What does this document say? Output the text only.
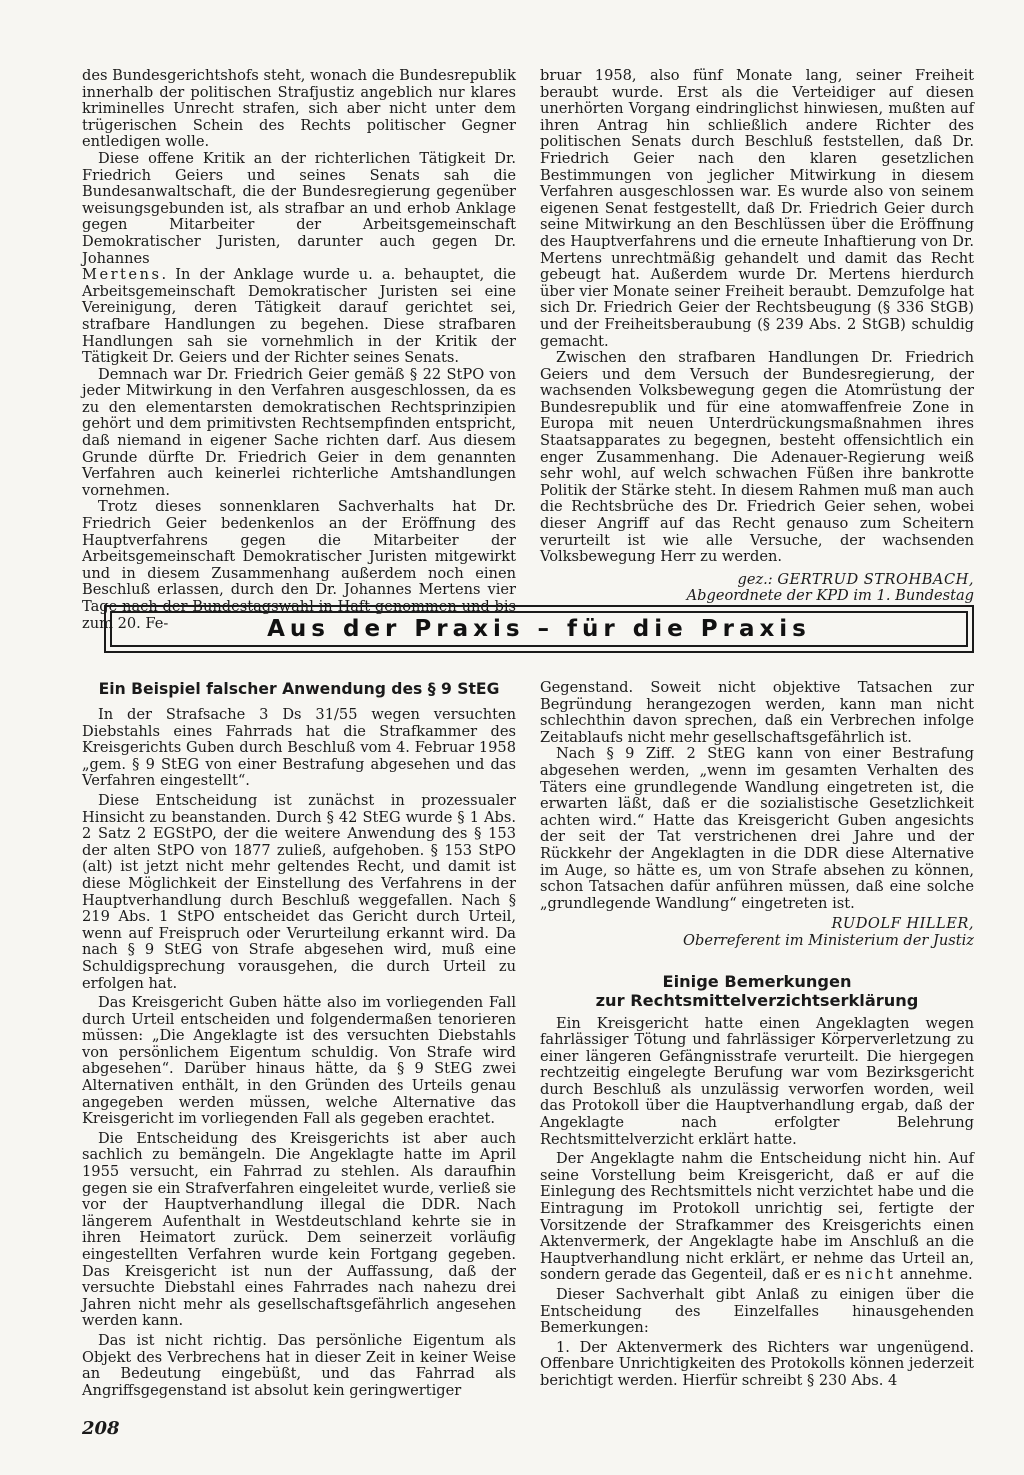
des Bundesgerichtshofs steht, wonach die Bundesrepublik innerhalb der politischen Strafjustiz angeblich nur klares kriminelles Unrecht strafen, sich aber nicht unter dem trügerischen Schein des Rechts politischer Gegner entledigen wolle.

Diese offene Kritik an der richterlichen Tätigkeit Dr. Friedrich Geiers und seines Senats sah die Bundesanwaltschaft, die der Bundesregierung gegenüber weisungsgebunden ist, als strafbar an und erhob Anklage gegen Mitarbeiter der Arbeitsgemeinschaft Demokratischer Juristen, darunter auch gegen Dr. Johannes

Mertens. In der Anklage wurde u. a. behauptet, die Arbeitsgemeinschaft Demokratischer Juristen sei eine Vereinigung, deren Tätigkeit darauf gerichtet sei, strafbare Handlungen zu begehen. Diese strafbaren Handlungen sah sie vornehmlich in der Kritik der Tätigkeit Dr. Geiers und der Richter seines Senats.

Demnach war Dr. Friedrich Geier gemäß § 22 StPO von jeder Mitwirkung in den Verfahren ausgeschlossen, da es zu den elementarsten demokratischen Rechtsprinzipien gehört und dem primitivsten Rechtsempfinden entspricht, daß niemand in eigener Sache richten darf. Aus diesem Grunde dürfte Dr. Friedrich Geier in dem genannten Verfahren auch keinerlei richterliche Amtshandlungen vornehmen.

Trotz dieses sonnenklaren Sachverhalts hat Dr. Friedrich Geier bedenkenlos an der Eröffnung des Hauptverfahrens gegen die Mitarbeiter der Arbeitsgemeinschaft Demokratischer Juristen mitgewirkt und in diesem Zusammenhang außerdem noch einen Beschluß erlassen, durch den Dr. Johannes Mertens vier Tage nach der Bundestagswahl in Haft genommen und bis zum 20. Fe-

bruar 1958, also fünf Monate lang, seiner Freiheit beraubt wurde. Erst als die Verteidiger auf diesen unerhörten Vorgang eindringlichst hinwiesen, mußten auf ihren Antrag hin schließlich andere Richter des politischen Senats durch Beschluß feststellen, daß Dr. Friedrich Geier nach den klaren gesetzlichen Bestimmungen von jeglicher Mitwirkung in diesem Verfahren ausgeschlossen war. Es wurde also von seinem eigenen Senat festgestellt, daß Dr. Friedrich Geier durch seine Mitwirkung an den Beschlüssen über die Eröffnung des Hauptverfahrens und die erneute Inhaftierung von Dr. Mertens unrechtmäßig gehandelt und damit das Recht gebeugt hat. Außerdem wurde Dr. Mertens hierdurch über vier Monate seiner Freiheit beraubt. Demzufolge hat sich Dr. Friedrich Geier der Rechtsbeugung (§ 336 StGB) und der Freiheitsberaubung (§ 239 Abs. 2 StGB) schuldig gemacht.

Zwischen den strafbaren Handlungen Dr. Friedrich Geiers und dem Versuch der Bundesregierung, der wachsenden Volksbewegung gegen die Atomrüstung der Bundesrepublik und für eine atomwaffenfreie Zone in Europa mit neuen Unterdrückungsmaßnahmen ihres Staatsapparates zu begegnen, besteht offensichtlich ein enger Zusammenhang. Die Adenauer-Regierung weiß sehr wohl, auf welch schwachen Füßen ihre bankrotte Politik der Stärke steht. In diesem Rahmen muß man auch die Rechtsbrüche des Dr. Friedrich Geier sehen, wobei dieser Angriff auf das Recht genauso zum Scheitern verurteilt ist wie alle Versuche, der wachsenden Volksbewegung Herr zu werden.

gez.: GERTRUD STROHBACH,

Abgeordnete der KPD im 1. Bundestag

Aus der Praxis – für die Praxis
Ein Beispiel falscher Anwendung des § 9 StEG

In der Strafsache 3 Ds 31/55 wegen versuchten Diebstahls eines Fahrrads hat die Strafkammer des Kreisgerichts Guben durch Beschluß vom 4. Februar 1958 „gem. § 9 StEG von einer Bestrafung abgesehen und das Verfahren eingestellt“.

Diese Entscheidung ist zunächst in prozessualer Hinsicht zu beanstanden. Durch § 42 StEG wurde § 1 Abs. 2 Satz 2 EGStPO, der die weitere Anwendung des § 153 der alten StPO von 1877 zuließ, aufgehoben. § 153 StPO (alt) ist jetzt nicht mehr geltendes Recht, und damit ist diese Möglichkeit der Einstellung des Verfahrens in der Hauptverhandlung durch Beschluß weggefallen. Nach § 219 Abs. 1 StPO entscheidet das Gericht durch Urteil, wenn auf Freispruch oder Verurteilung erkannt wird. Da nach § 9 StEG von Strafe abgesehen wird, muß eine Schuldigsprechung vorausgehen, die durch Urteil zu erfolgen hat.

Das Kreisgericht Guben hätte also im vorliegenden Fall durch Urteil entscheiden und folgendermaßen tenorieren müssen: „Die Angeklagte ist des versuchten Diebstahls von persönlichem Eigentum schuldig. Von Strafe wird abgesehen“. Darüber hinaus hätte, da § 9 StEG zwei Alternativen enthält, in den Gründen des Urteils genau angegeben werden müssen, welche Alternative das Kreisgericht im vorliegenden Fall als gegeben erachtet.

Die Entscheidung des Kreisgerichts ist aber auch sachlich zu bemängeln. Die Angeklagte hatte im April 1955 versucht, ein Fahrrad zu stehlen. Als daraufhin gegen sie ein Strafverfahren eingeleitet wurde, verließ sie vor der Hauptverhandlung illegal die DDR. Nach längerem Aufenthalt in Westdeutschland kehrte sie in ihren Heimatort zurück. Dem seinerzeit vorläufig eingestellten Verfahren wurde kein Fortgang gegeben. Das Kreisgericht ist nun der Auffassung, daß der versuchte Diebstahl eines Fahrrades nach nahezu drei Jahren nicht mehr als gesellschaftsgefährlich angesehen werden kann.

Das ist nicht richtig. Das persönliche Eigentum als Objekt des Verbrechens hat in dieser Zeit in keiner Weise an Bedeutung eingebüßt, und das Fahrrad als Angriffsgegenstand ist absolut kein geringwertiger

Gegenstand. Soweit nicht objektive Tatsachen zur Begründung herangezogen werden, kann man nicht schlechthin davon sprechen, daß ein Verbrechen infolge Zeitablaufs nicht mehr gesellschaftsgefährlich ist.

Nach § 9 Ziff. 2 StEG kann von einer Bestrafung abgesehen werden, „wenn im gesamten Verhalten des Täters eine grundlegende Wandlung eingetreten ist, die erwarten läßt, daß er die sozialistische Gesetzlichkeit achten wird.“ Hatte das Kreisgericht Guben angesichts der seit der Tat verstrichenen drei Jahre und der Rückkehr der Angeklagten in die DDR diese Alternative im Auge, so hätte es, um von Strafe absehen zu können, schon Tatsachen dafür anführen müssen, daß eine solche „grundlegende Wandlung“ eingetreten ist.

RUDOLF HILLER,

Oberreferent im Ministerium der Justiz

Einige Bemerkungen
zur Rechtsmittelverzichtserklärung

Ein Kreisgericht hatte einen Angeklagten wegen fahrlässiger Tötung und fahrlässiger Körperverletzung zu einer längeren Gefängnisstrafe verurteilt. Die hiergegen rechtzeitig eingelegte Berufung war vom Bezirksgericht durch Beschluß als unzulässig verworfen worden, weil das Protokoll über die Hauptverhandlung ergab, daß der Angeklagte nach erfolgter Belehrung Rechtsmittelverzicht erklärt hatte.

Der Angeklagte nahm die Entscheidung nicht hin. Auf seine Vorstellung beim Kreisgericht, daß er auf die Einlegung des Rechtsmittels nicht verzichtet habe und die Eintragung im Protokoll unrichtig sei, fertigte der Vorsitzende der Strafkammer des Kreisgerichts einen Aktenvermerk, der Angeklagte habe im Anschluß an die Hauptverhandlung nicht erklärt, er nehme das Urteil an, sondern gerade das Gegenteil, daß er es nicht annehme.

Dieser Sachverhalt gibt Anlaß zu einigen über die Entscheidung des Einzelfalles hinausgehenden Bemerkungen:

1. Der Aktenvermerk des Richters war ungenügend. Offenbare Unrichtigkeiten des Protokolls können jederzeit berichtigt werden. Hierfür schreibt § 230 Abs. 4

208
